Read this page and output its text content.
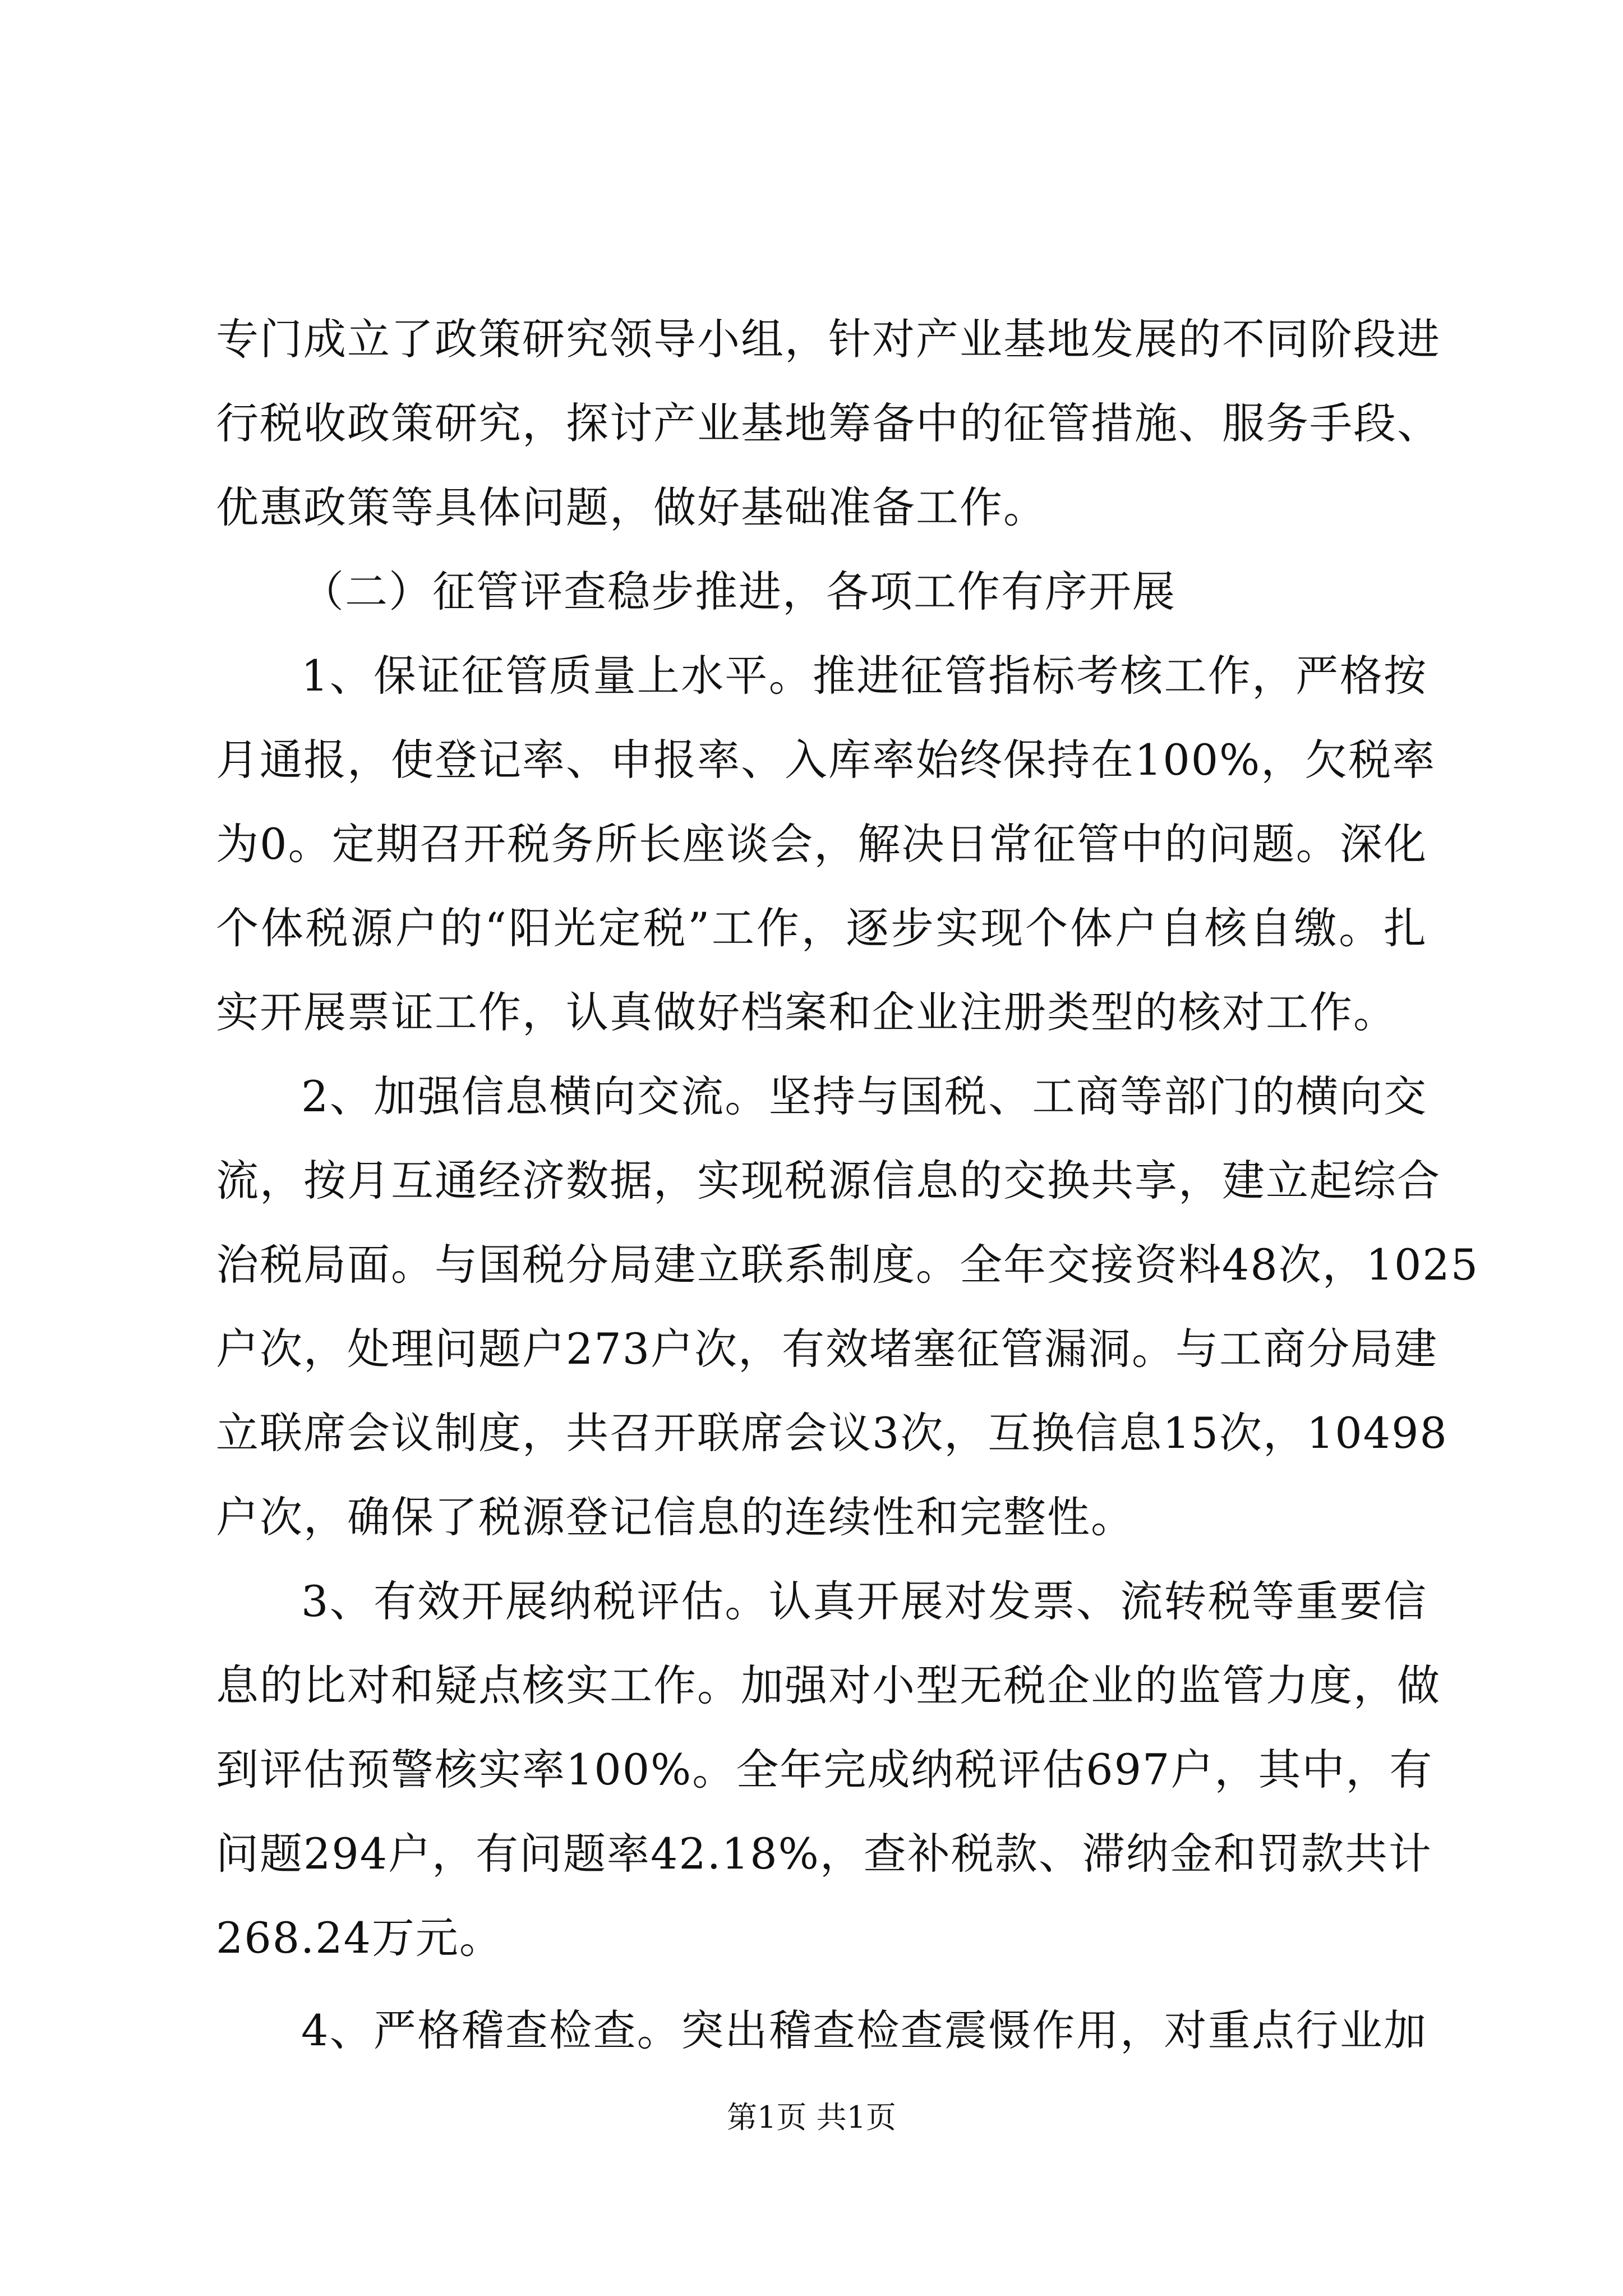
专门成立了政策研究领导小组，针对产业基地发展的不同阶段进
行税收政策研究，探讨产业基地筹备中的征管措施、服务手段、
优惠政策等具体问题，做好基础准备工作。
（二）征管评查稳步推进，各项工作有序开展
1、保证征管质量上水平。推进征管指标考核工作，严格按
月通报，使登记率、申报率、入库率始终保持在100%，欠税率
为0。定期召开税务所长座谈会，解决日常征管中的问题。深化
个体税源户的“阳光定税”工作，逐步实现个体户自核自缴。扎
实开展票证工作，认真做好档案和企业注册类型的核对工作。
2、加强信息横向交流。坚持与国税、工商等部门的横向交
流，按月互通经济数据，实现税源信息的交换共享，建立起综合
治税局面。与国税分局建立联系制度。全年交接资料48次，1025
户次，处理问题户273户次，有效堵塞征管漏洞。与工商分局建
立联席会议制度，共召开联席会议3次，互换信息15次，10498
户次，确保了税源登记信息的连续性和完整性。
3、有效开展纳税评估。认真开展对发票、流转税等重要信
息的比对和疑点核实工作。加强对小型无税企业的监管力度，做
到评估预警核实率100%。全年完成纳税评估697户，其中，有
问题294户，有问题率42.18%，查补税款、滞纳金和罚款共计
268.24万元。
4、严格稽查检查。突出稽查检查震慑作用，对重点行业加
第1页 共1页
